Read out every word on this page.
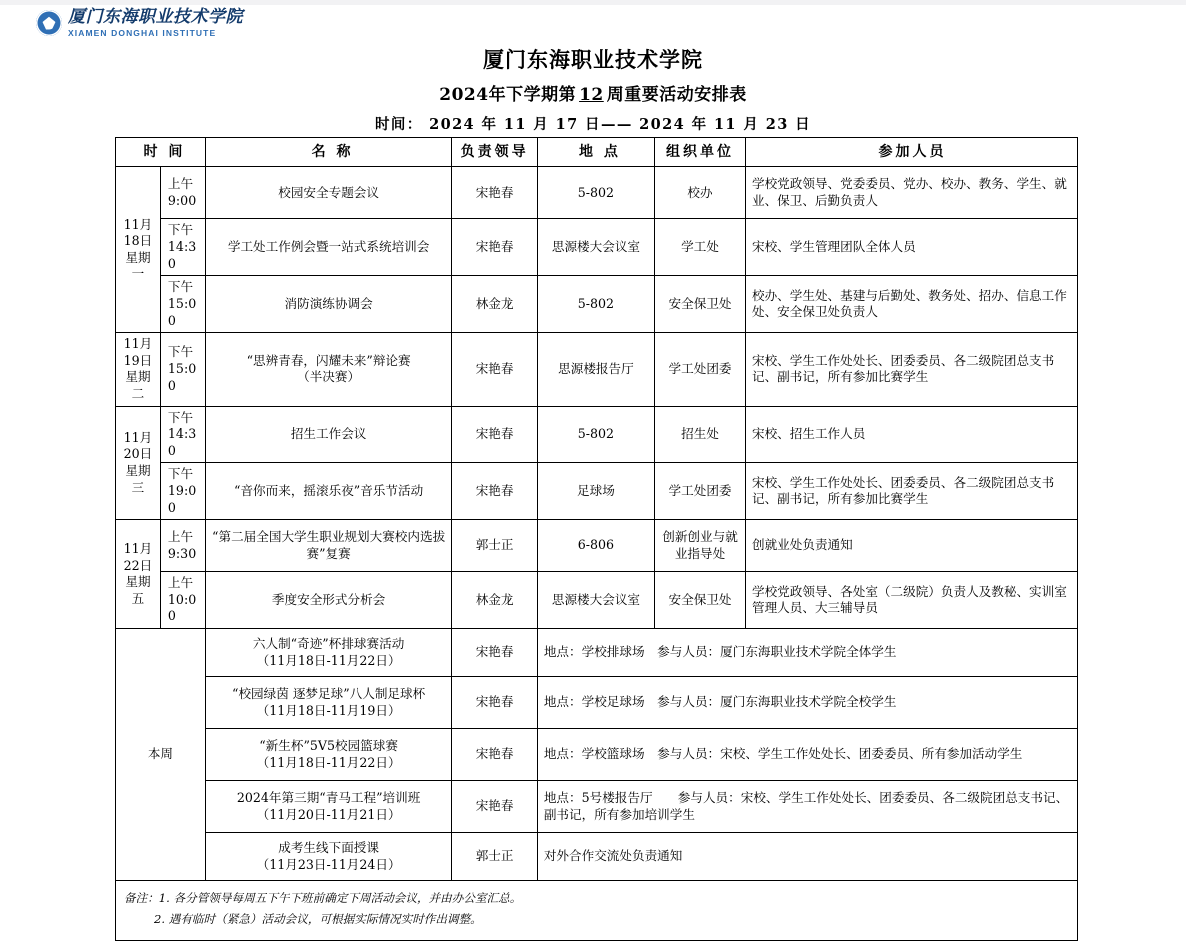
厦门东海职业技术学院
XIAMEN DONGHAI INSTITUTE
厦门东海职业技术学院
2024年下学期第 12 周重要活动安排表
时间： 2024 年 11 月 17 日—— 2024 年 11 月 23 日
时 间		名 称	负责领导	地 点	组织单位	参加人员

11月18日
星期一	上午9:00	校园安全专题会议	宋艳春	5-802	校办	学校党政领导、党委委员、党办、校办、教务、学生、就业、保卫、后勤负责人
	下午14:30	学工处工作例会暨一站式系统培训会	宋艳春	思源楼大会议室	学工处	宋校、学生管理团队全体人员
	下午15:00	消防演练协调会	林金龙	5-802	安全保卫处	校办、学生处、基建与后勤处、教务处、招办、信息工作处、安全保卫处负责人

11月19日
星期二	下午15:00	“思辨青春，闪耀未来”辩论赛
（半决赛）	宋艳春	思源楼报告厅	学工处团委	宋校、学生工作处处长、团委委员、各二级院团总支书记、副书记，所有参加比赛学生

11月20日
星期三	下午14:30	招生工作会议	宋艳春	5-802	招生处	宋校、招生工作人员
	下午19:00	“音你而来，摇滚乐夜”音乐节活动	宋艳春	足球场	学工处团委	宋校、学生工作处处长、团委委员、各二级院团总支书记、副书记，所有参加比赛学生

11月22日
星期五	上午9:30	“第二届全国大学生职业规划大赛校内选拔赛”复赛	郭士正	6-806	创新创业与就业指导处	创就业处负责通知
	上午10:00	季度安全形式分析会	林金龙	思源楼大会议室	安全保卫处	学校党政领导、各处室（二级院）负责人及教秘、实训室管理人员、大三辅导员
本周		六人制“奇迹”杯排球赛活动
（11月18日-11月22日）	宋艳春	地点：学校排球场　参与人员：厦门东海职业技术学院全体学生		

		“校园绿茵 逐梦足球”八人制足球杯
（11月18日-11月19日）	宋艳春	地点：学校足球场　参与人员：厦门东海职业技术学院全校学生		

		“新生杯”5V5校园篮球赛
（11月18日-11月22日）	宋艳春	地点：学校篮球场　参与人员：宋校、学生工作处处长、团委委员、所有参加活动学生		

		2024年第三期“青马工程”培训班
（11月20日-11月21日）	宋艳春	地点：5号楼报告厅　　参与人员：宋校、学生工作处处长、团委委员、各二级院团总支书记、副书记，所有参加培训学生		

		成考生线下面授课
（11月23日-11月24日）	郭士正	对外合作交流处负责通知		
备注：1. 各分管领导每周五下午下班前确定下周活动会议，并由办公室汇总。
2. 遇有临时（紧急）活动会议，可根据实际情况实时作出调整。
